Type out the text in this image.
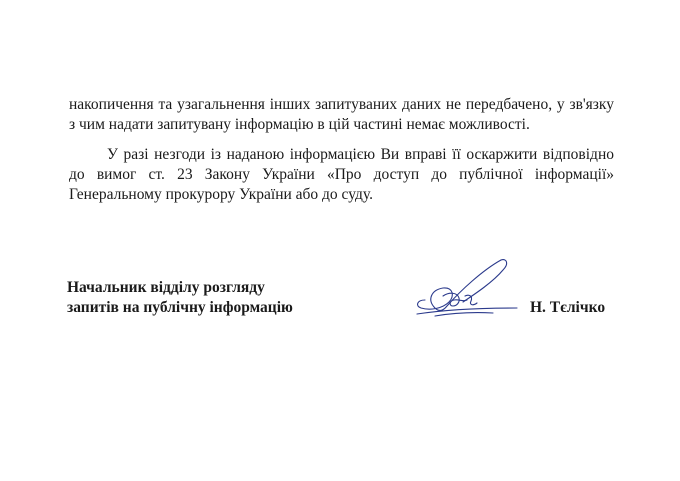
накопичення та узагальнення інших запитуваних даних не передбачено, у зв'язку з чим надати запитувану інформацію в цій частині немає можливості.

У разі незгоди із наданою інформацією Ви вправі її оскаржити відповідно до вимог ст. 23 Закону України «Про доступ до публічної інформації» Генеральному прокурору України або до суду.

Начальник відділу розгляду
запитів на публічну інформацію	Н. Тєлічко
